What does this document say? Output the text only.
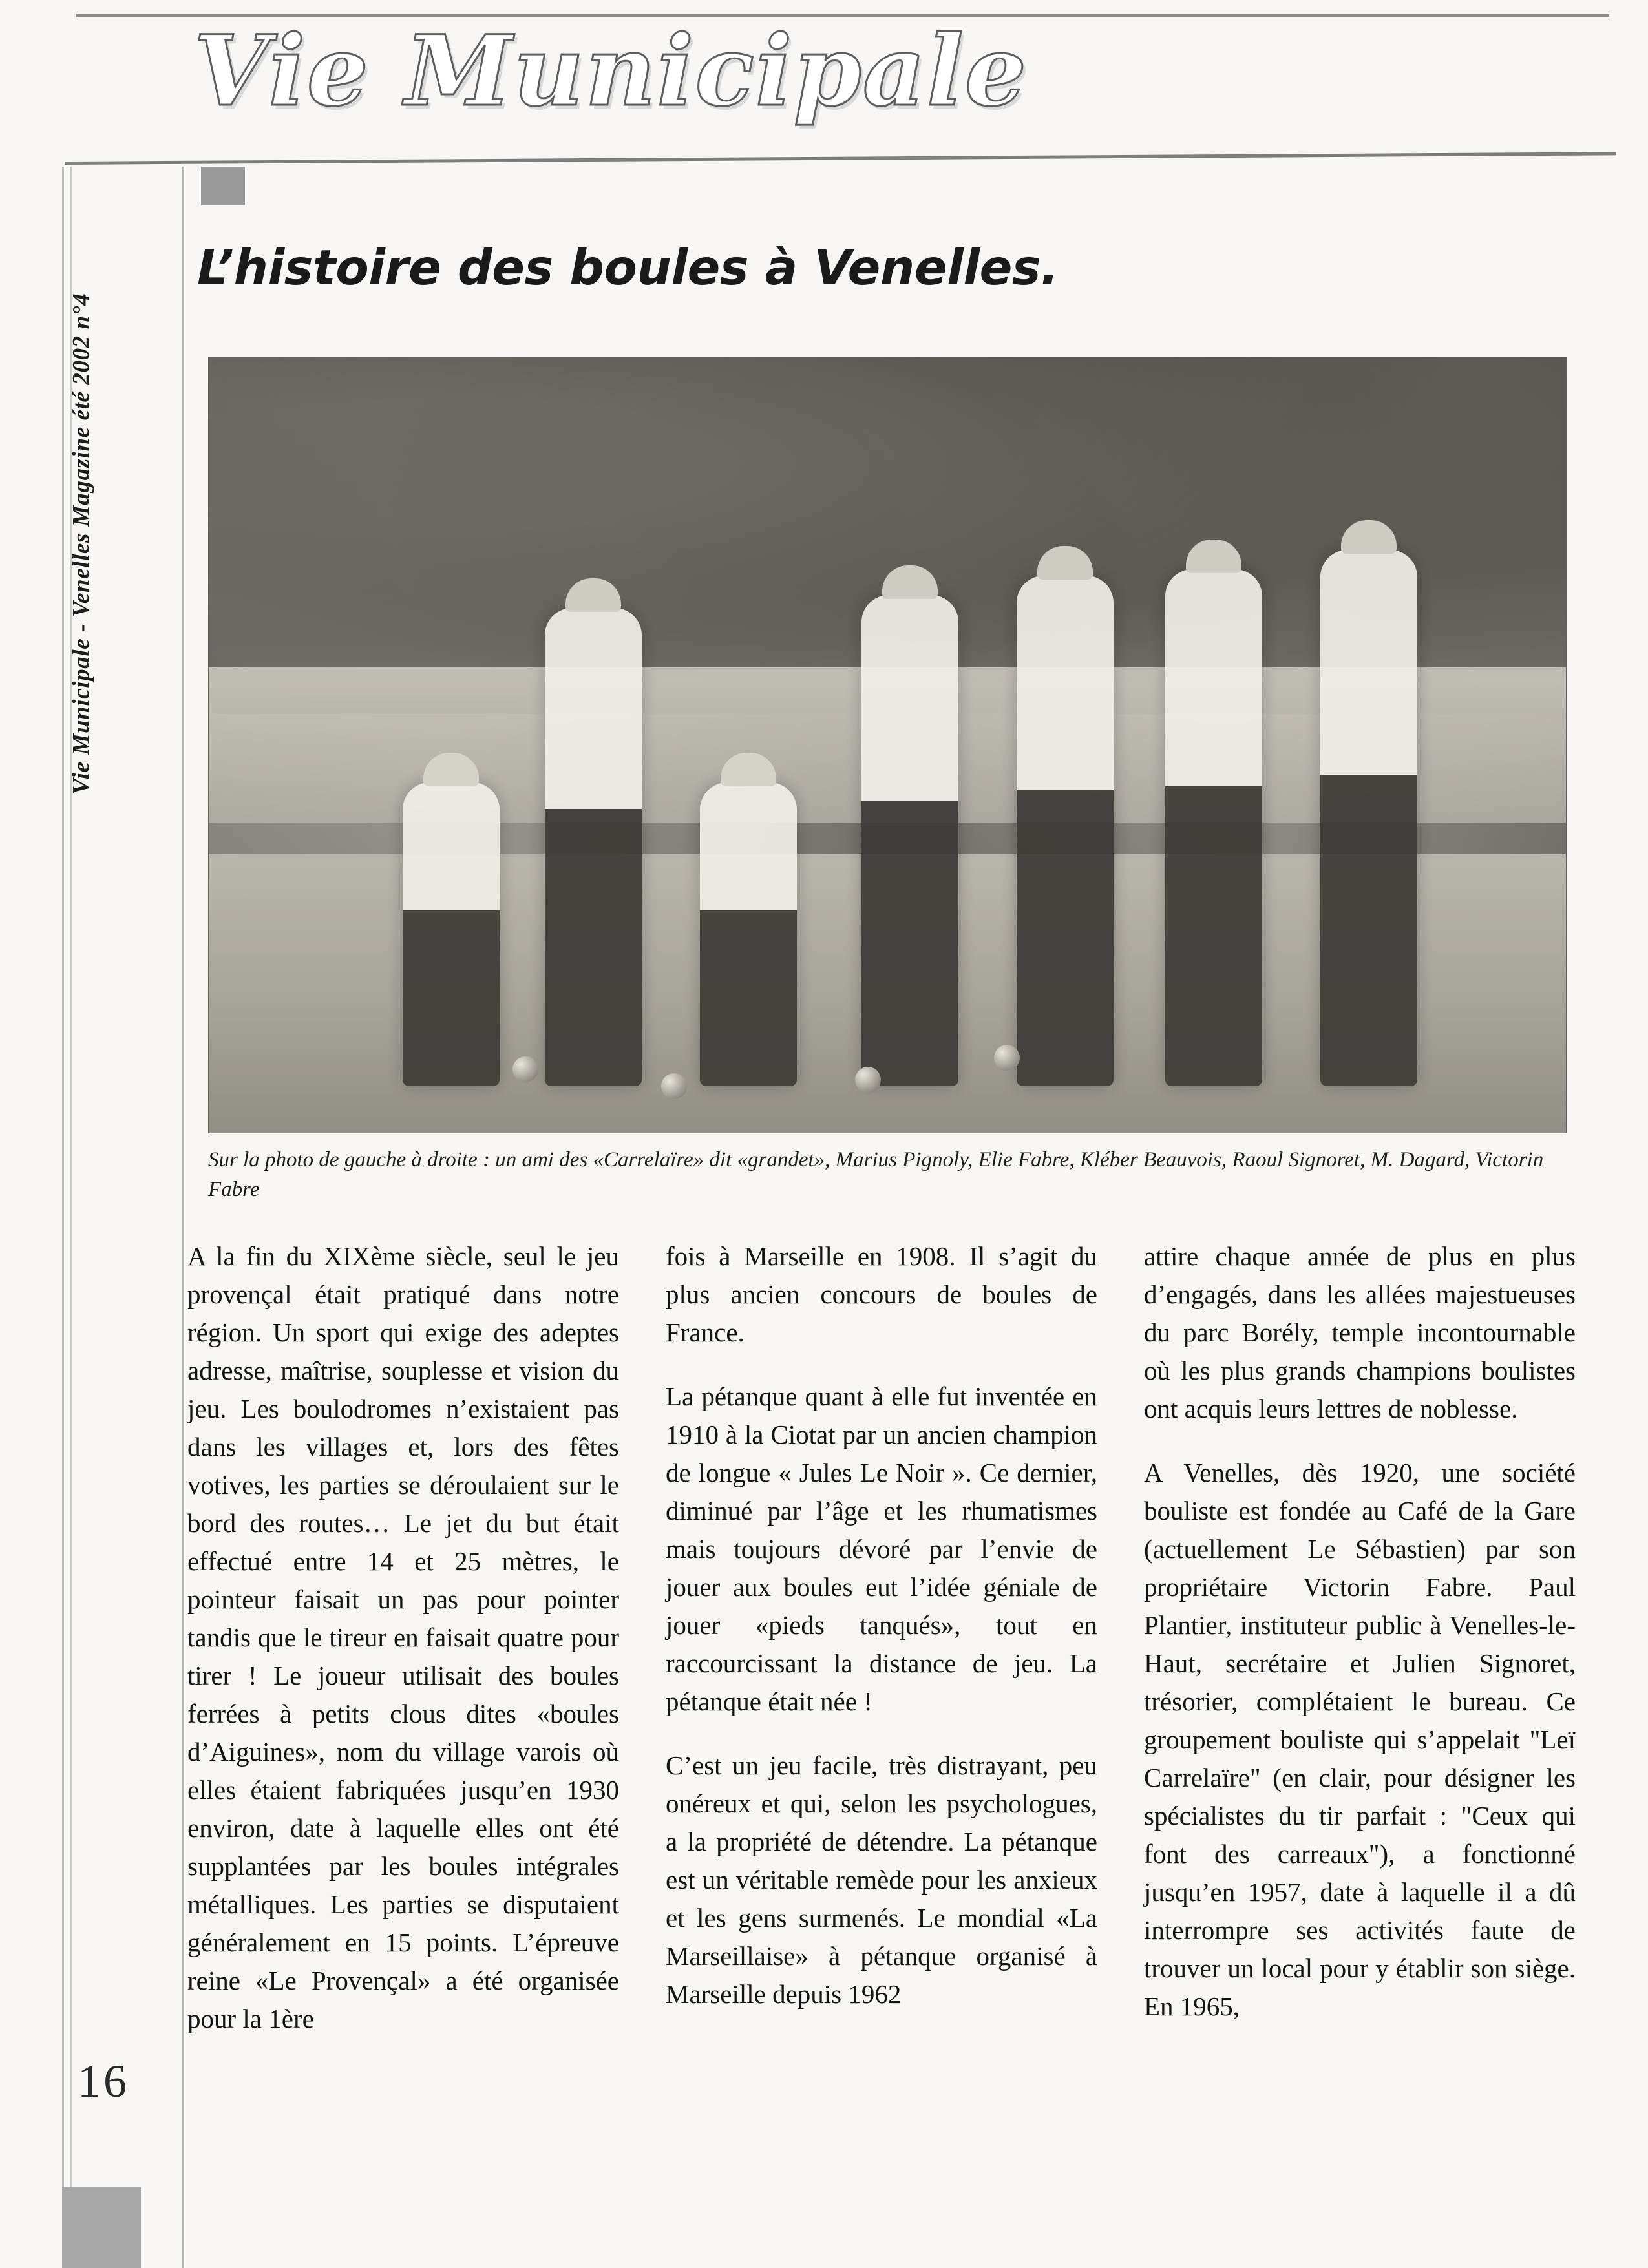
Vie Municipale
Vie Municipale - Venelles Magazine été 2002 n°4
16
L’histoire des boules à Venelles.
Sur la photo de gauche à droite : un ami des «Carrelaïre» dit «grandet», Marius Pignoly, Elie Fabre, Kléber Beauvois, Raoul Signoret, M. Dagard, Victorin Fabre

A la fin du XIXème siècle, seul le jeu provençal était pratiqué dans notre région. Un sport qui exige des adeptes adresse, maîtrise, souplesse et vision du jeu. Les boulodromes n’existaient pas dans les villages et, lors des fêtes votives, les parties se déroulaient sur le bord des routes… Le jet du but était effectué entre 14 et 25 mètres, le pointeur faisait un pas pour pointer tandis que le tireur en faisait quatre pour tirer ! Le joueur utilisait des boules ferrées à petits clous dites «boules d’Aiguines», nom du village varois où elles étaient fabriquées jusqu’en 1930 environ, date à laquelle elles ont été supplantées par les boules intégrales métalliques. Les parties se disputaient généralement en 15 points. L’épreuve reine «Le Provençal» a été organisée pour la 1ère

fois à Marseille en 1908. Il s’agit du plus ancien concours de boules de France.

La pétanque quant à elle fut inventée en 1910 à la Ciotat par un ancien champion de longue « Jules Le Noir ». Ce dernier, diminué par l’âge et les rhumatismes mais toujours dévoré par l’envie de jouer aux boules eut l’idée géniale de jouer «pieds tanqués», tout en raccourcissant la distance de jeu. La pétanque était née !

C’est un jeu facile, très distrayant, peu onéreux et qui, selon les psychologues, a la propriété de détendre. La pétanque est un véritable remède pour les anxieux et les gens surmenés. Le mondial «La Marseillaise» à pétanque organisé à Marseille depuis 1962

attire chaque année de plus en plus d’engagés, dans les allées majestueuses du parc Borély, temple incontournable où les plus grands champions boulistes ont acquis leurs lettres de noblesse.

A Venelles, dès 1920, une société bouliste est fondée au Café de la Gare (actuellement Le Sébastien) par son propriétaire Victorin Fabre. Paul Plantier, instituteur public à Venelles-le-Haut, secrétaire et Julien Signoret, trésorier, complétaient le bureau. Ce groupement bouliste qui s’appelait "Leï Carrelaïre" (en clair, pour désigner les spécialistes du tir parfait : "Ceux qui font des carreaux"), a fonctionné jusqu’en 1957, date à laquelle il a dû interrompre ses activités faute de trouver un local pour y établir son siège. En 1965,
